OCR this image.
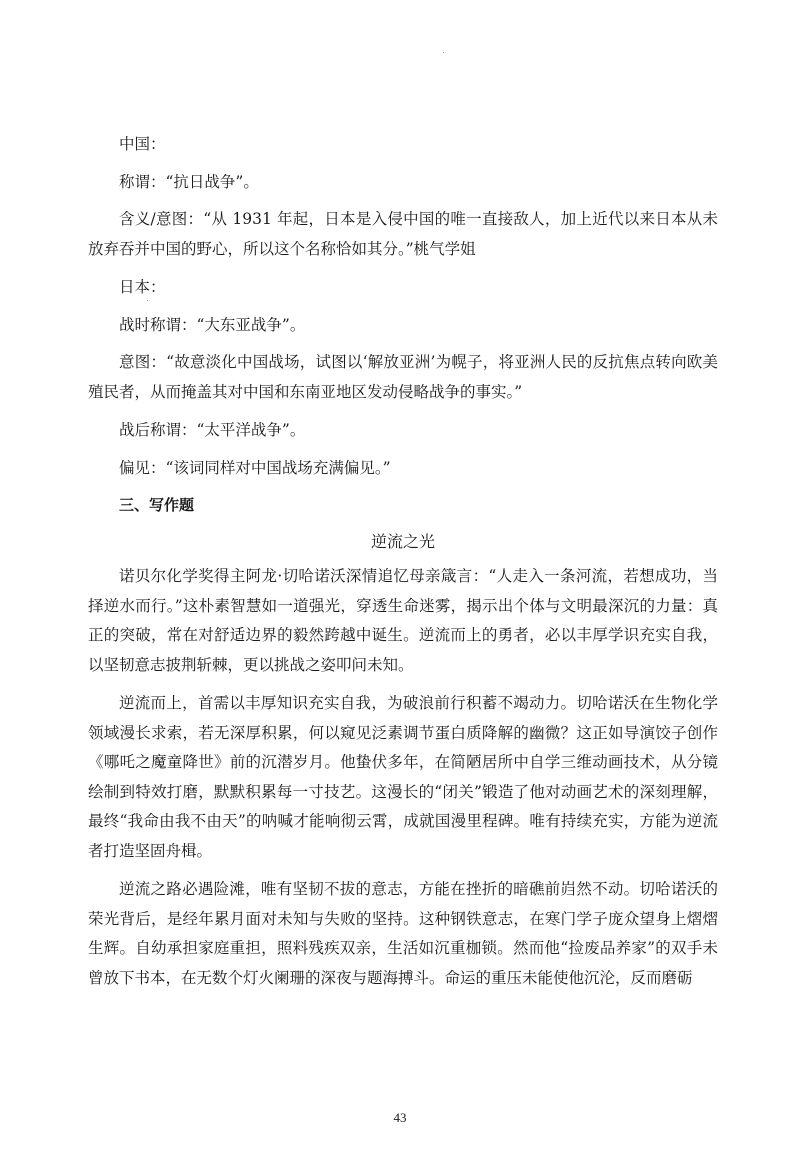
中国：

称谓：“抗日战争”。

含义/意图：“从 1931 年起，日本是入侵中国的唯一直接敌人，加上近代以来日本从未放弃吞并中国的野心，所以这个名称恰如其分。”桃气学姐

日本：

战时称谓：“大东亚战争”。

意图：“故意淡化中国战场，试图以‘解放亚洲’为幌子，将亚洲人民的反抗焦点转向欧美殖民者，从而掩盖其对中国和东南亚地区发动侵略战争的事实。”

战后称谓：“太平洋战争”。

偏见：“该词同样对中国战场充满偏见。”

三、写作题

逆流之光

诺贝尔化学奖得主阿龙·切哈诺沃深情追忆母亲箴言：“人走入一条河流，若想成功，当择逆水而行。”这朴素智慧如一道强光，穿透生命迷雾，揭示出个体与文明最深沉的力量：真正的突破，常在对舒适边界的毅然跨越中诞生。逆流而上的勇者，必以丰厚学识充实自我，以坚韧意志披荆斩棘，更以挑战之姿叩问未知。

逆流而上，首需以丰厚知识充实自我，为破浪前行积蓄不竭动力。切哈诺沃在生物化学领域漫长求索，若无深厚积累，何以窥见泛素调节蛋白质降解的幽微？这正如导演饺子创作《哪吒之魔童降世》前的沉潜岁月。他蛰伏多年，在简陋居所中自学三维动画技术，从分镜绘制到特效打磨，默默积累每一寸技艺。这漫长的“闭关”锻造了他对动画艺术的深刻理解，最终“我命由我不由天”的呐喊才能响彻云霄，成就国漫里程碑。唯有持续充实，方能为逆流者打造坚固舟楫。

逆流之路必遇险滩，唯有坚韧不拔的意志，方能在挫折的暗礁前岿然不动。切哈诺沃的荣光背后，是经年累月面对未知与失败的坚持。这种钢铁意志，在寒门学子庞众望身上熠熠生辉。自幼承担家庭重担，照料残疾双亲，生活如沉重枷锁。然而他“捡废品养家”的双手未曾放下书本，在无数个灯火阑珊的深夜与题海搏斗。命运的重压未能使他沉沦，反而磨砺

43
